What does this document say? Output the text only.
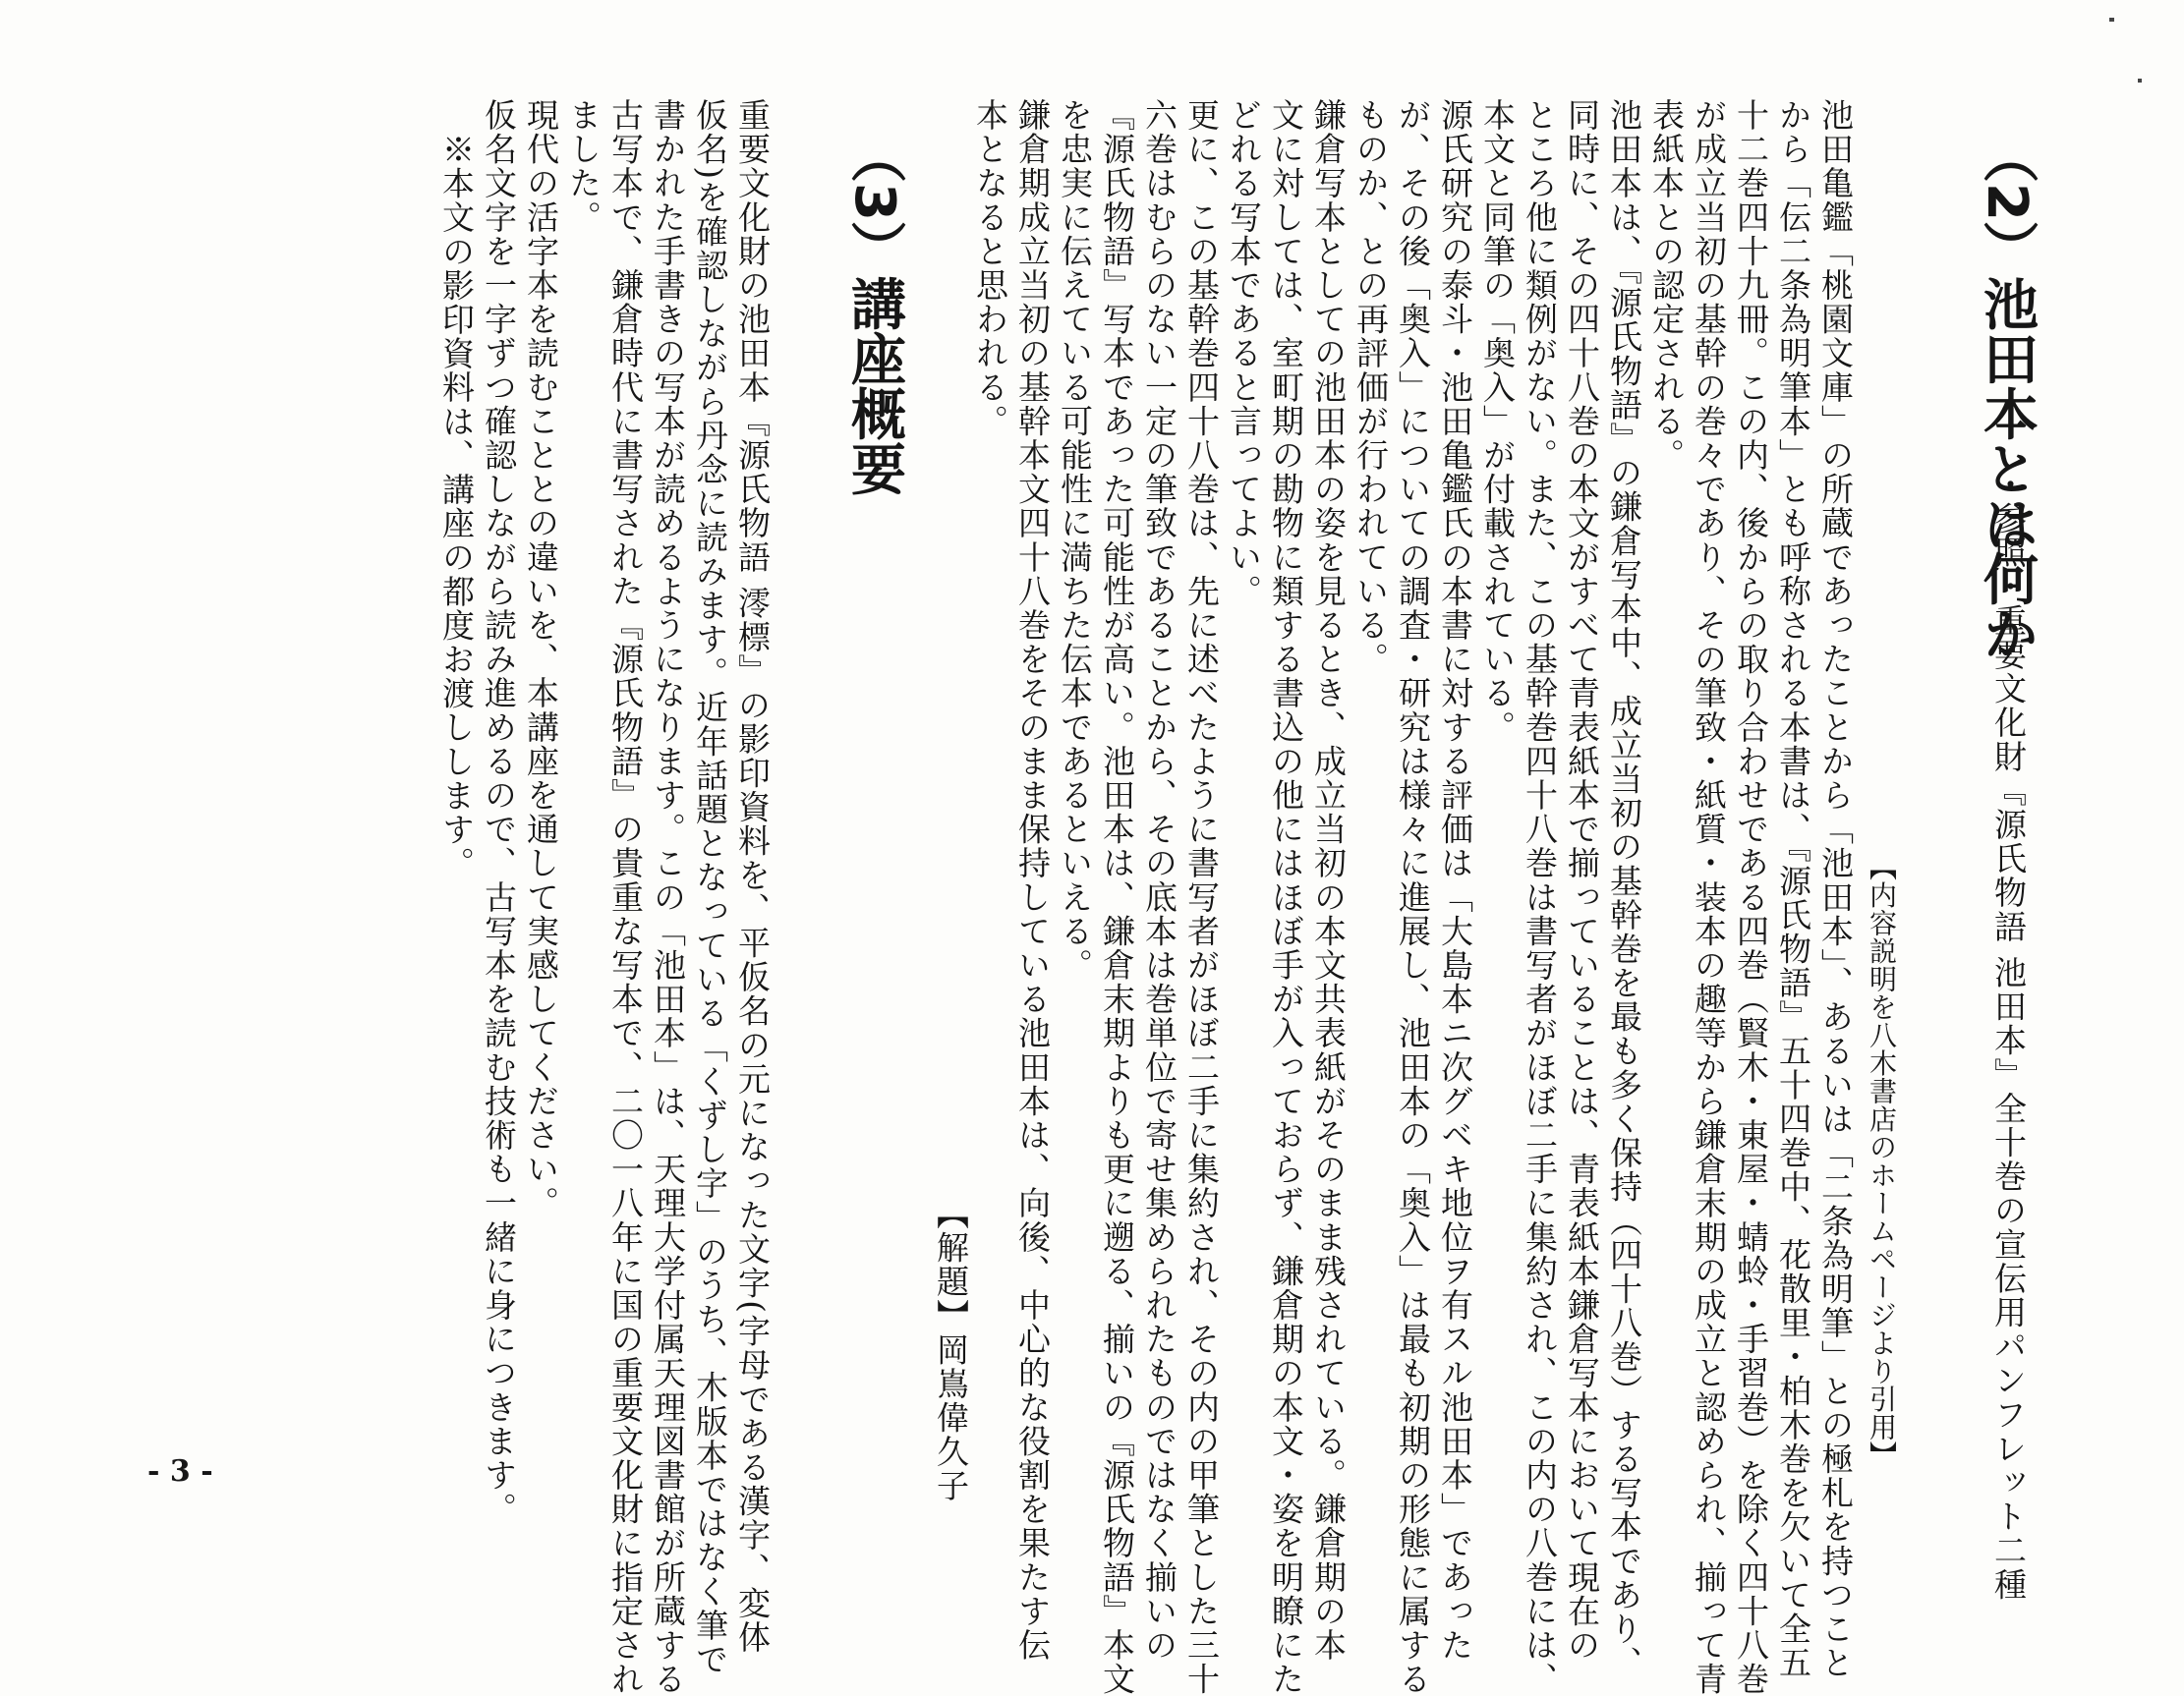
（2）池田本とは何か
・参照・重要文化財『源氏物語 池田本』全十巻の宣伝用パンフレット二種
【内容説明を八木書店のホームページより引用】
池田亀鑑「桃園文庫」の所蔵であったことから「池田本」、あるいは「二条為明筆」との極札を持つこと
から「伝二条為明筆本」とも呼称される本書は、『源氏物語』五十四巻中、花散里・柏木巻を欠いて全五
十二巻四十九冊。この内、後からの取り合わせである四巻（賢木・東屋・蜻蛉・手習巻）を除く四十八巻
が成立当初の基幹の巻々であり、その筆致・紙質・装本の趣等から鎌倉末期の成立と認められ、揃って青
表紙本との認定される。
池田本は、『源氏物語』の鎌倉写本中、成立当初の基幹巻を最も多く保持（四十八巻）する写本であり、
同時に、その四十八巻の本文がすべて青表紙本で揃っていることは、青表紙本鎌倉写本において現在の
ところ他に類例がない。また、この基幹巻四十八巻は書写者がほぼ二手に集約され、この内の八巻には、
本文と同筆の「奥入」が付載されている。
源氏研究の泰斗・池田亀鑑氏の本書に対する評価は「大島本ニ次グベキ地位ヲ有スル池田本」であった
が、その後「奥入」についての調査・研究は様々に進展し、池田本の「奥入」は最も初期の形態に属する
ものか、との再評価が行われている。
鎌倉写本としての池田本の姿を見るとき、成立当初の本文共表紙がそのまま残されている。鎌倉期の本
文に対しては、室町期の勘物に類する書込の他にはほぼ手が入っておらず、鎌倉期の本文・姿を明瞭にた
どれる写本であると言ってよい。
更に、この基幹巻四十八巻は、先に述べたように書写者がほぼ二手に集約され、その内の甲筆とした三十
六巻はむらのない一定の筆致であることから、その底本は巻単位で寄せ集められたものではなく揃いの
『源氏物語』写本であった可能性が高い。池田本は、鎌倉末期よりも更に遡る、揃いの『源氏物語』本文
を忠実に伝えている可能性に満ちた伝本であるといえる。
鎌倉期成立当初の基幹本文四十八巻をそのまま保持している池田本は、向後、中心的な役割を果たす伝
本となると思われる。
【解題】岡嶌偉久子
（3）講座概要
重要文化財の池田本『源氏物語 澪標』の影印資料を、平仮名の元になった文字(字母である漢字、変体
仮名)を確認しながら丹念に読みます。近年話題となっている「くずし字」のうち、木版本ではなく筆で
書かれた手書きの写本が読めるようになります。この「池田本」は、天理大学付属天理図書館が所蔵する
古写本で、鎌倉時代に書写された『源氏物語』の貴重な写本で、二〇一八年に国の重要文化財に指定され
ました。
現代の活字本を読むこととの違いを、本講座を通して実感してください。
仮名文字を一字ずつ確認しながら読み進めるので、古写本を読む技術も一緒に身につきます。
※本文の影印資料は、講座の都度お渡しします。
- 3 -
